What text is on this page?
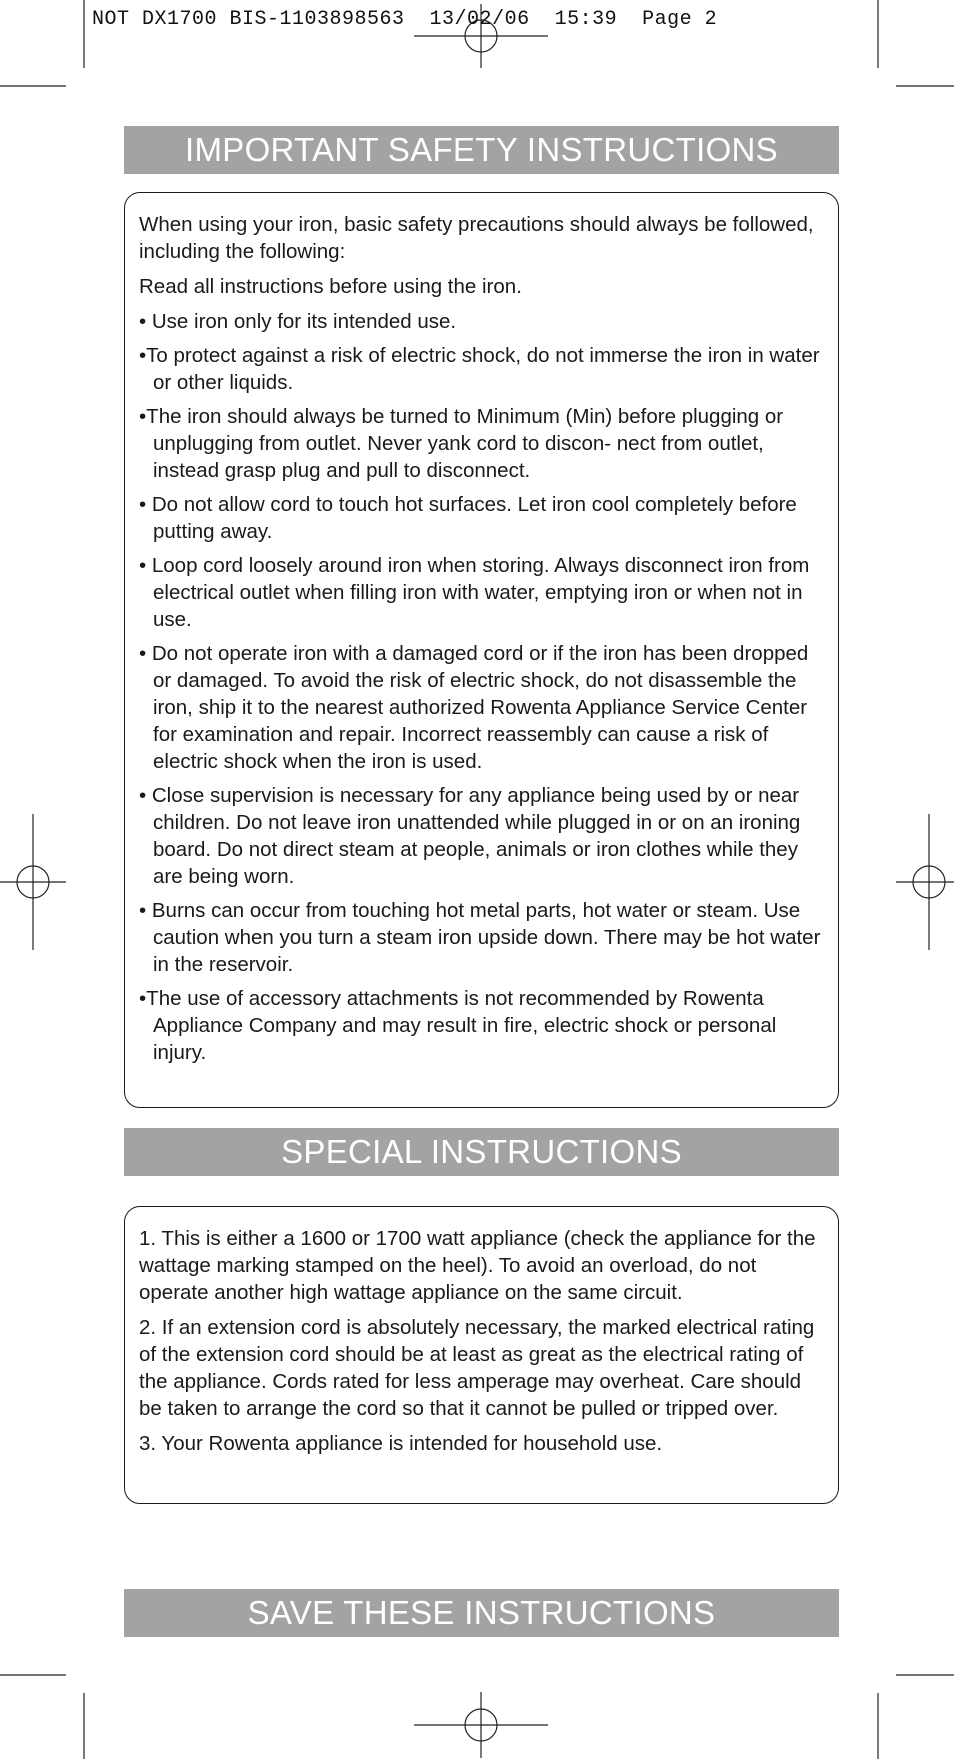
NOT DX1700 BIS-1103898563  13/02/06  15:39  Page 2
IMPORTANT SAFETY INSTRUCTIONS

When using your iron, basic safety precautions should always be followed, including the following:

Read all instructions before using the iron.

• Use iron only for its intended use.
•To protect against a risk of electric shock, do not immerse the iron in water or other liquids.
•The iron should always be turned to Minimum (Min) before plugging or unplugging from outlet. Never yank cord to discon- nect from outlet, instead grasp plug and pull to disconnect.
• Do not allow cord to touch hot surfaces. Let iron cool completely before putting away.
• Loop cord loosely around iron when storing. Always disconnect iron from electrical outlet when filling iron with water, emptying iron or when not in use.
• Do not operate iron with a damaged cord or if the iron has been dropped or damaged. To avoid the risk of electric shock, do not disassemble the iron, ship it to the nearest authorized Rowenta Appliance Service Center for examination and repair. Incorrect reassembly can cause a risk of electric shock when the iron is used.
• Close supervision is necessary for any appliance being used by or near children. Do not leave iron unattended while plugged in or on an ironing board. Do not direct steam at people, animals or iron clothes while they are being worn.
• Burns can occur from touching hot metal parts, hot water or steam. Use caution when you turn a steam iron upside down. There may be hot water in the reservoir.
•The use of accessory attachments is not recommended by Rowenta Appliance Company and may result in fire, electric shock or personal injury.
SPECIAL INSTRUCTIONS

1. This is either a 1600 or 1700 watt appliance (check the appliance for the wattage marking stamped on the heel). To avoid an overload, do not operate another high wattage appliance on the same circuit.

2. If an extension cord is absolutely necessary, the marked electrical rating of the extension cord should be at least as great as the electrical rating of the appliance. Cords rated for less amperage may overheat. Care should be taken to arrange the cord so that it cannot be pulled or tripped over.

3. Your Rowenta appliance is intended for household use.

SAVE THESE INSTRUCTIONS
